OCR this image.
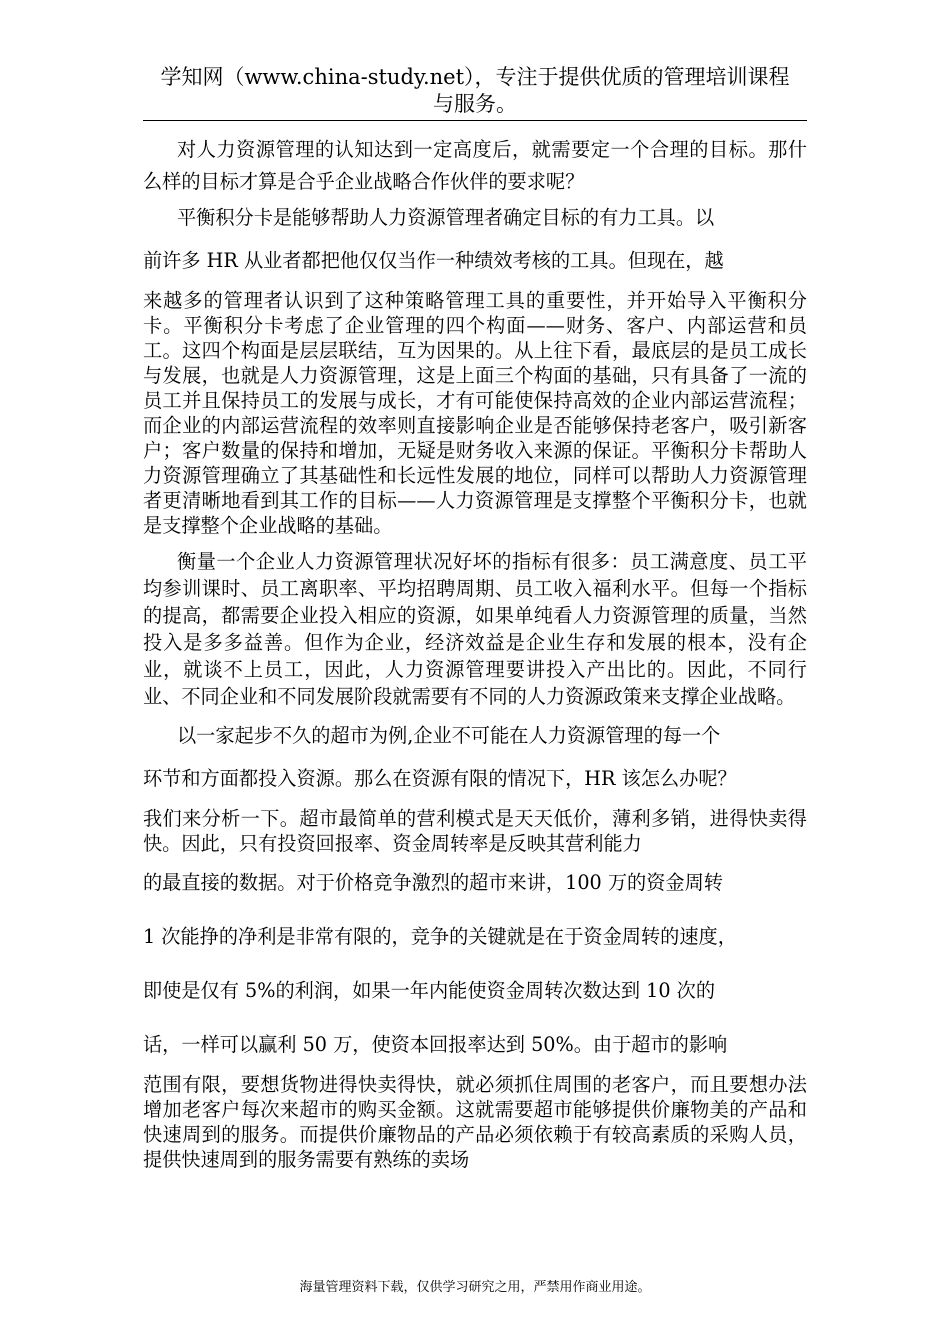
学知网（www.china-study.net），专注于提供优质的管理培训课程
与服务。

对人力资源管理的认知达到一定高度后，就需要定一个合理的目标。那什么样的目标才算是合乎企业战略合作伙伴的要求呢？

平衡积分卡是能够帮助人力资源管理者确定目标的有力工具。以

前许多 HR 从业者都把他仅仅当作一种绩效考核的工具。但现在，越

来越多的管理者认识到了这种策略管理工具的重要性，并开始导入平衡积分卡。平衡积分卡考虑了企业管理的四个构面——财务、客户、内部运营和员工。这四个构面是层层联结，互为因果的。从上往下看，最底层的是员工成长与发展，也就是人力资源管理，这是上面三个构面的基础，只有具备了一流的员工并且保持员工的发展与成长，才有可能使保持高效的企业内部运营流程；而企业的内部运营流程的效率则直接影响企业是否能够保持老客户，吸引新客户；客户数量的保持和增加，无疑是财务收入来源的保证。平衡积分卡帮助人力资源管理确立了其基础性和长远性发展的地位，同样可以帮助人力资源管理者更清晰地看到其工作的目标——人力资源管理是支撑整个平衡积分卡，也就是支撑整个企业战略的基础。

衡量一个企业人力资源管理状况好坏的指标有很多：员工满意度、员工平均参训课时、员工离职率、平均招聘周期、员工收入福利水平。但每一个指标的提高，都需要企业投入相应的资源，如果单纯看人力资源管理的质量，当然投入是多多益善。但作为企业，经济效益是企业生存和发展的根本，没有企业，就谈不上员工，因此，人力资源管理要讲投入产出比的。因此，不同行业、不同企业和不同发展阶段就需要有不同的人力资源政策来支撑企业战略。

以一家起步不久的超市为例,企业不可能在人力资源管理的每一个

环节和方面都投入资源。那么在资源有限的情况下，HR 该怎么办呢？

我们来分析一下。超市最简单的营利模式是天天低价，薄利多销，进得快卖得快。因此，只有投资回报率、资金周转率是反映其营利能力

的最直接的数据。对于价格竞争激烈的超市来讲，100 万的资金周转

1 次能挣的净利是非常有限的，竞争的关键就是在于资金周转的速度，

即使是仅有 5%的利润，如果一年内能使资金周转次数达到 10 次的

话，一样可以赢利 50 万，使资本回报率达到 50%。由于超市的影响

范围有限，要想货物进得快卖得快，就必须抓住周围的老客户，而且要想办法增加老客户每次来超市的购买金额。这就需要超市能够提供价廉物美的产品和快速周到的服务。而提供价廉物品的产品必须依赖于有较高素质的采购人员，提供快速周到的服务需要有熟练的卖场

海量管理资料下载，仅供学习研究之用，严禁用作商业用途。
